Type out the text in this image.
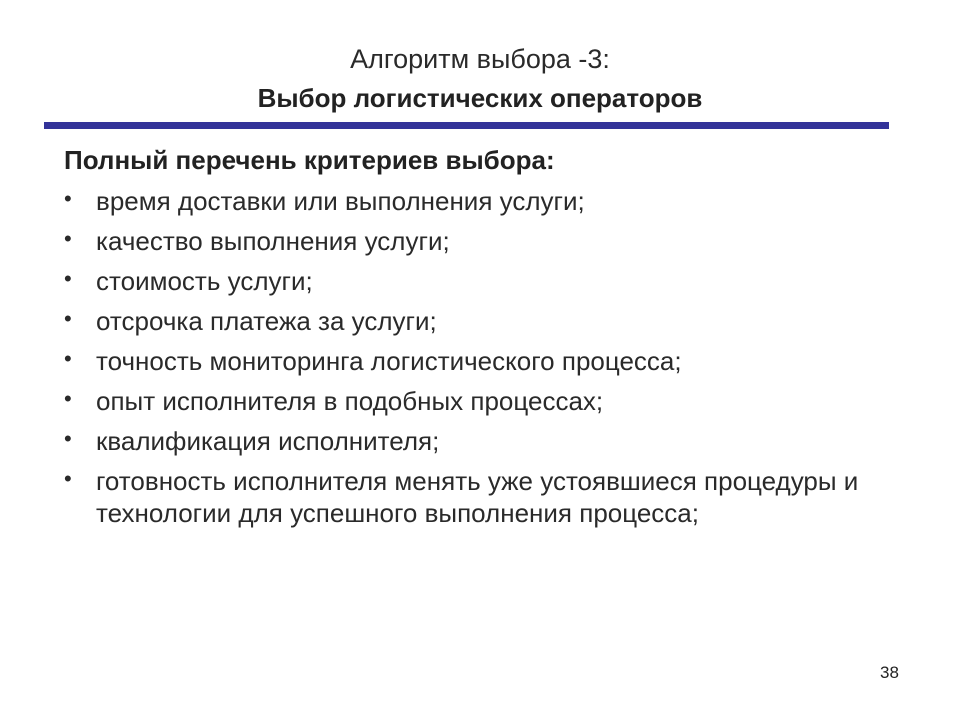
Алгоритм выбора -3:
Выбор логистических операторов
Полный перечень критериев выбора:
• время доставки или выполнения услуги;
• качество выполнения услуги;
• стоимость услуги;
• отсрочка платежа за услуги;
• точность мониторинга логистического процесса;
• опыт исполнителя в подобных процессах;
• квалификация исполнителя;
• готовность исполнителя менять уже устоявшиеся процедуры и технологии для успешного выполнения процесса;
38
